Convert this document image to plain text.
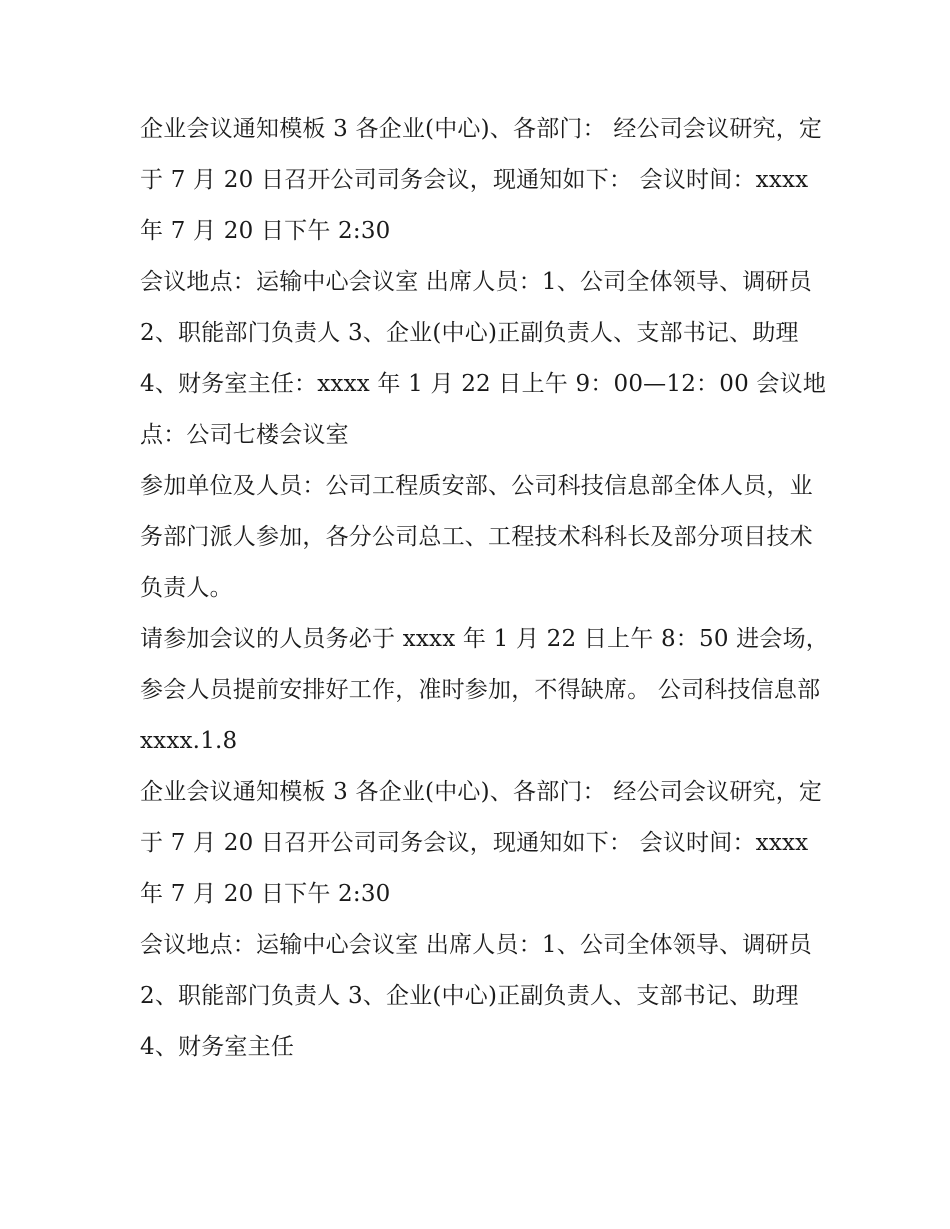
企业会议通知模板 3 各企业(中心)、各部门： 经公司会议研究，定于 7 月 20 日召开公司司务会议，现通知如下： 会议时间：xxxx 年 7 月 20 日下午 2:30

会议地点：运输中心会议室 出席人员：1、公司全体领导、调研员 2、职能部门负责人 3、企业(中心)正副负责人、支部书记、助理

4、财务室主任：xxxx 年 1 月 22 日上午 9：00—12：00 会议地点：公司七楼会议室

参加单位及人员：公司工程质安部、公司科技信息部全体人员，业务部门派人参加，各分公司总工、工程技术科科长及部分项目技术负责人。

请参加会议的人员务必于 xxxx 年 1 月 22 日上午 8：50 进会场， 参会人员提前安排好工作，准时参加，不得缺席。 公司科技信息部 xxxx.1.8

企业会议通知模板 3 各企业(中心)、各部门： 经公司会议研究，定于 7 月 20 日召开公司司务会议，现通知如下： 会议时间：xxxx 年 7 月 20 日下午 2:30

会议地点：运输中心会议室 出席人员：1、公司全体领导、调研员 2、职能部门负责人 3、企业(中心)正副负责人、支部书记、助理 4、财务室主任
